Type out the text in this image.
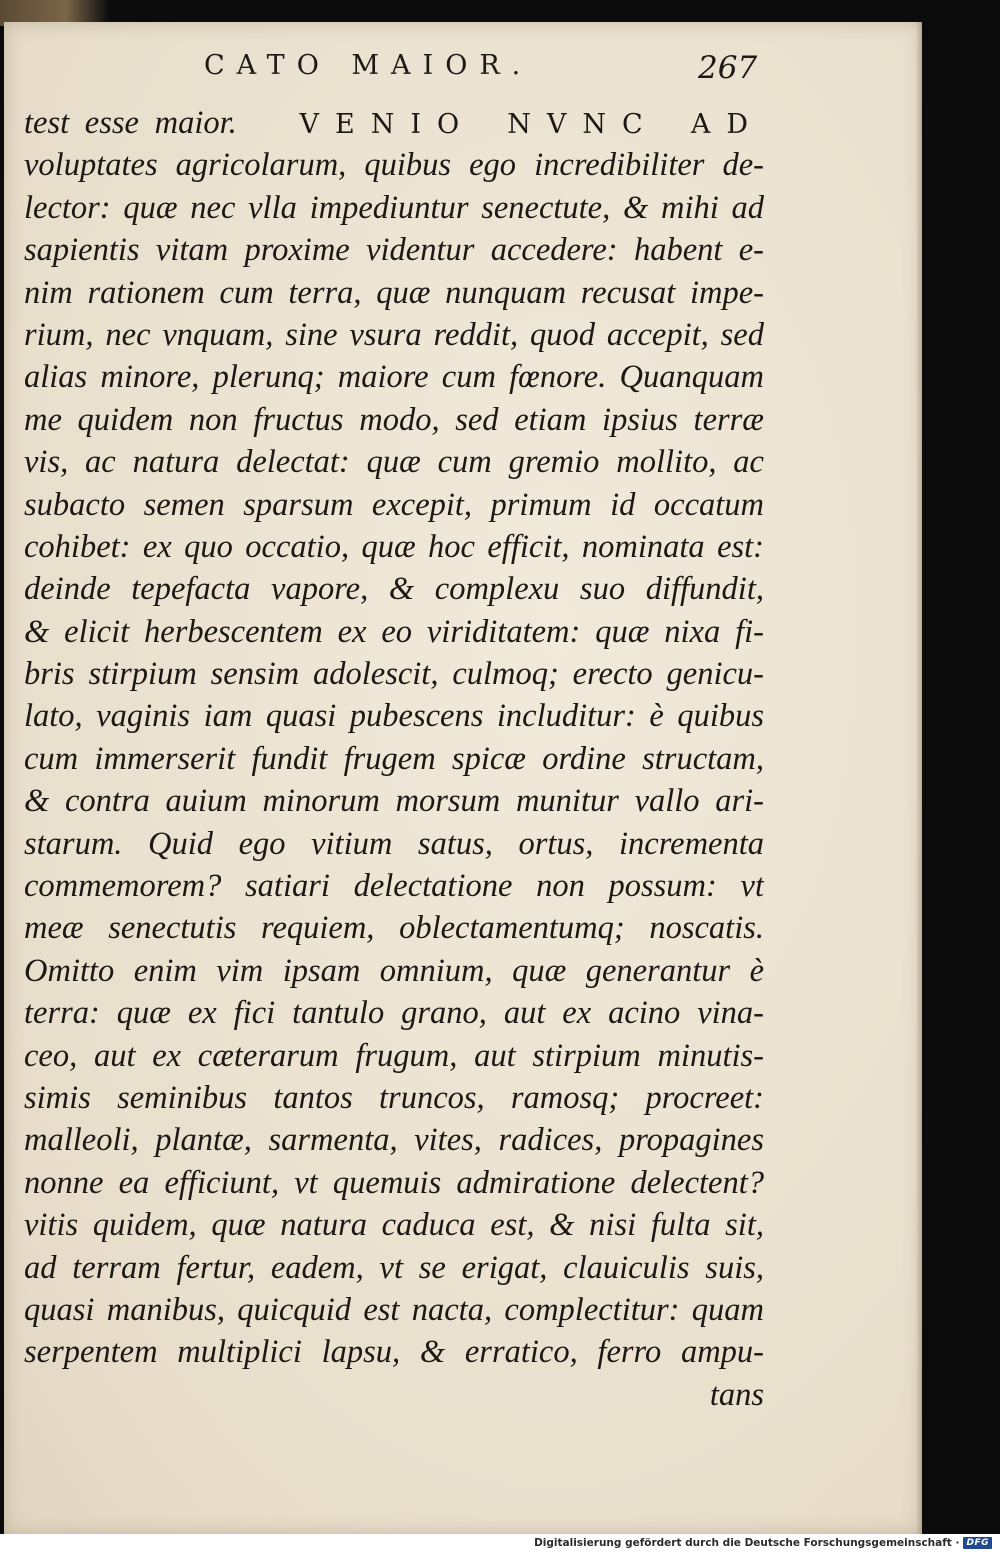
CATO MAIOR.	267
test esse maior. VENIO NVNC AD
voluptates agricolarum, quibus ego incredibiliter de-
lector: quæ nec vlla impediuntur senectute, & mihi ad
sapientis vitam proxime videntur accedere: habent e-
nim rationem cum terra, quæ nunquam recusat impe-
rium, nec vnquam, sine vsura reddit, quod accepit, sed
alias minore, plerunq; maiore cum fœnore. Quanquam
me quidem non fructus modo, sed etiam ipsius terræ
vis, ac natura delectat: quæ cum gremio mollito, ac
subacto semen sparsum excepit, primum id occatum
cohibet: ex quo occatio, quæ hoc efficit, nominata est:
deinde tepefacta vapore, & complexu suo diffundit,
& elicit herbescentem ex eo viriditatem: quæ nixa fi-
bris stirpium sensim adolescit, culmoq; erecto genicu-
lato, vaginis iam quasi pubescens includitur: è quibus
cum immerserit fundit frugem spicæ ordine structam,
& contra auium minorum morsum munitur vallo ari-
starum. Quid ego vitium satus, ortus, incrementa
commemorem? satiari delectatione non possum: vt
meæ senectutis requiem, oblectamentumq; noscatis.
Omitto enim vim ipsam omnium, quæ generantur è
terra: quæ ex fici tantulo grano, aut ex acino vina-
ceo, aut ex cæterarum frugum, aut stirpium minutis-
simis seminibus tantos truncos, ramosq; procreet:
malleoli, plantæ, sarmenta, vites, radices, propagines
nonne ea efficiunt, vt quemuis admiratione delectent?
vitis quidem, quæ natura caduca est, & nisi fulta sit,
ad terram fertur, eadem, vt se erigat, clauiculis suis,
quasi manibus, quicquid est nacta, complectitur: quam
serpentem multiplici lapsu, & erratico, ferro ampu-
tans
Digitalisierung gefördert durch die Deutsche Forschungsgemeinschaft · DFG
